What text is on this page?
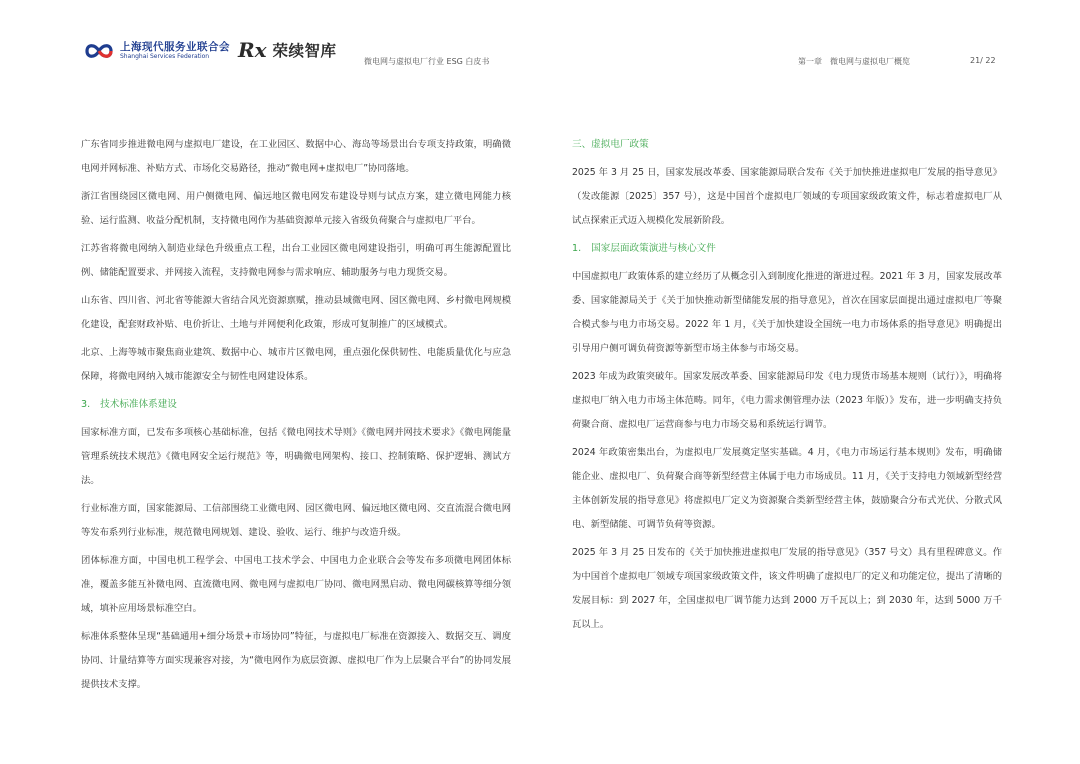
上海现代服务业联合会
Shanghai Services Federation	Rx 荣续智库
微电网与虚拟电厂行业 ESG 白皮书	第一章　微电网与虚拟电厂概览	21/ 22

广东省同步推进微电网与虚拟电厂建设，在工业园区、数据中心、海岛等场景出台专项支持政策，明确微电网并网标准、补贴方式、市场化交易路径，推动“微电网+虚拟电厂”协同落地。

浙江省围绕园区微电网、用户侧微电网、偏远地区微电网发布建设导则与试点方案，建立微电网能力核验、运行监测、收益分配机制，支持微电网作为基础资源单元接入省级负荷聚合与虚拟电厂平台。

江苏省将微电网纳入制造业绿色升级重点工程，出台工业园区微电网建设指引，明确可再生能源配置比例、储能配置要求、并网接入流程，支持微电网参与需求响应、辅助服务与电力现货交易。

山东省、四川省、河北省等能源大省结合风光资源禀赋，推动县域微电网、园区微电网、乡村微电网规模化建设，配套财政补贴、电价折让、土地与并网便利化政策，形成可复制推广的区域模式。

北京、上海等城市聚焦商业建筑、数据中心、城市片区微电网，重点强化保供韧性、电能质量优化与应急保障，将微电网纳入城市能源安全与韧性电网建设体系。

3. 技术标准体系建设

国家标准方面，已发布多项核心基础标准，包括《微电网技术导则》《微电网并网技术要求》《微电网能量管理系统技术规范》《微电网安全运行规范》等，明确微电网架构、接口、控制策略、保护逻辑、测试方法。

行业标准方面，国家能源局、工信部围绕工业微电网、园区微电网、偏远地区微电网、交直流混合微电网等发布系列行业标准，规范微电网规划、建设、验收、运行、维护与改造升级。

团体标准方面，中国电机工程学会、中国电工技术学会、中国电力企业联合会等发布多项微电网团体标准，覆盖多能互补微电网、直流微电网、微电网与虚拟电厂协同、微电网黑启动、微电网碳核算等细分领域，填补应用场景标准空白。

标准体系整体呈现“基础通用+细分场景+市场协同”特征，与虚拟电厂标准在资源接入、数据交互、调度协同、计量结算等方面实现兼容对接，为“微电网作为底层资源、虚拟电厂作为上层聚合平台”的协同发展提供技术支撑。

三、虚拟电厂政策

2025 年 3 月 25 日，国家发展改革委、国家能源局联合发布《关于加快推进虚拟电厂发展的指导意见》（发改能源〔2025〕357 号），这是中国首个虚拟电厂领域的专项国家级政策文件，标志着虚拟电厂从试点探索正式迈入规模化发展新阶段。

1. 国家层面政策演进与核心文件

中国虚拟电厂政策体系的建立经历了从概念引入到制度化推进的渐进过程。2021 年 3 月，国家发展改革委、国家能源局关于《关于加快推动新型储能发展的指导意见》，首次在国家层面提出通过虚拟电厂等聚合模式参与电力市场交易。2022 年 1 月，《关于加快建设全国统一电力市场体系的指导意见》明确提出引导用户侧可调负荷资源等新型市场主体参与市场交易。

2023 年成为政策突破年。国家发展改革委、国家能源局印发《电力现货市场基本规则（试行）》，明确将虚拟电厂纳入电力市场主体范畴。同年，《电力需求侧管理办法（2023 年版）》发布，进一步明确支持负荷聚合商、虚拟电厂运营商参与电力市场交易和系统运行调节。

2024 年政策密集出台，为虚拟电厂发展奠定坚实基础。4 月，《电力市场运行基本规则》发布，明确储能企业、虚拟电厂、负荷聚合商等新型经营主体属于电力市场成员。11 月，《关于支持电力领域新型经营主体创新发展的指导意见》将虚拟电厂定义为资源聚合类新型经营主体，鼓励聚合分布式光伏、分散式风电、新型储能、可调节负荷等资源。

2025 年 3 月 25 日发布的《关于加快推进虚拟电厂发展的指导意见》（357 号文）具有里程碑意义。作为中国首个虚拟电厂领域专项国家级政策文件，该文件明确了虚拟电厂的定义和功能定位，提出了清晰的发展目标：到 2027 年，全国虚拟电厂调节能力达到 2000 万千瓦以上；到 2030 年，达到 5000 万千瓦以上。
